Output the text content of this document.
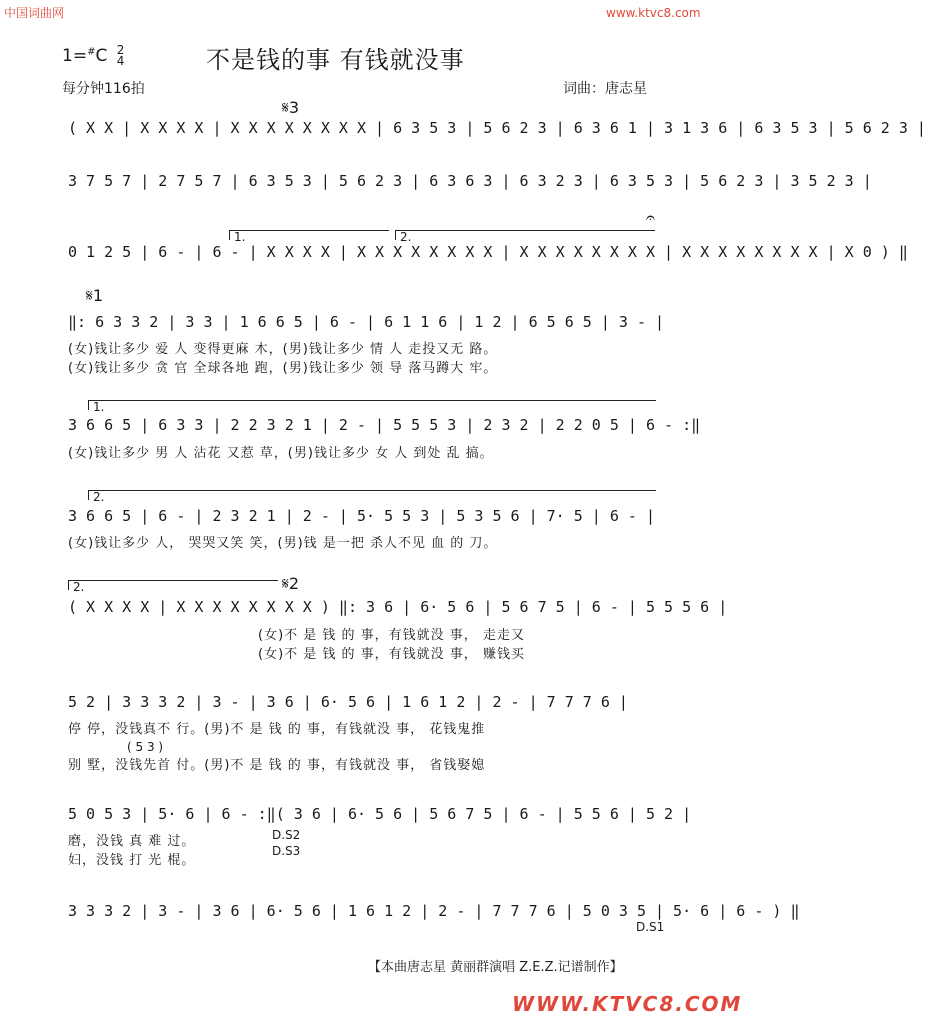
中国词曲网	www.ktvc8.com
1=#C 2
4	不是钱的事 有钱就没事
每分钟116拍	词曲：唐志星
𝄋3
( X X | X X X X | X X X X X X X X | 6 3 5 3 | 5 6 2 3 | 6 3 6 1 | 3 1 3 6 | 6 3 5 3 | 5 6 2 3 |
3 7 5 7 | 2 7 5 7 | 6 3 5 3 | 5 6 2 3 | 6 3 6 3 | 6 3 2 3 | 6 3 5 3 | 5 6 2 3 | 3 5 2 3 |
1.	2.
𝄐
0 1 2 5 | 6 - | 6 - | X X X X | X X X X X X X X | X X X X X X X X | X X X X X X X X | X 0 ) ‖
𝄋1
‖: 6 3 3 2 | 3 3 | 1 6 6 5 | 6 - | 6 1 1 6 | 1 2 | 6 5 6 5 | 3 - |
(女)钱让多少 爱 人 变得更麻 木，(男)钱让多少 情 人 走投又无 路。
(女)钱让多少 贪 官 全球各地 跑，(男)钱让多少 领 导 落马蹲大 牢。
1.
3 6 6 5 | 6 3 3 | 2 2 3 2 1 | 2 - | 5 5 5 3 | 2 3 2 | 2 2 0 5 | 6 - :‖
(女)钱让多少 男 人 沾花 又惹 草，(男)钱让多少 女 人 到处 乱 搞。
2.
3 6 6 5 | 6 - | 2 3 2 1 | 2 - | 5· 5 5 3 | 5 3 5 6 | 7· 5 | 6 - |
(女)钱让多少 人， 哭哭又笑 笑，(男)钱 是一把 杀人不见 血 的 刀。
2.	𝄋2
( X X X X | X X X X X X X X ) ‖: 3 6 | 6· 5 6 | 5 6 7 5 | 6 - | 5 5 5 6 |
(女)不 是 钱 的 事，有钱就没 事， 走走又
(女)不 是 钱 的 事，有钱就没 事， 赚钱买
5 2 | 3 3 3 2 | 3 - | 3 6 | 6· 5 6 | 1 6 1 2 | 2 - | 7 7 7 6 |
停 停，没钱真不 行。(男)不 是 钱 的 事，有钱就没 事， 花钱鬼推
( 5 3 )
别 墅，没钱先首 付。(男)不 是 钱 的 事，有钱就没 事， 省钱娶媳
5 0 5 3 | 5· 6 | 6 - :‖( 3 6 | 6· 5 6 | 5 6 7 5 | 6 - | 5 5 6 | 5 2 |
磨，没钱 真 难 过。
妇，没钱 打 光 棍。
D.S2
D.S3
3 3 3 2 | 3 - | 3 6 | 6· 5 6 | 1 6 1 2 | 2 - | 7 7 7 6 | 5 0 3 5 | 5· 6 | 6 - ) ‖
D.S1
【本曲唐志星 黄丽群演唱 Z.E.Z.记谱制作】
WWW.KTVC8.COM
